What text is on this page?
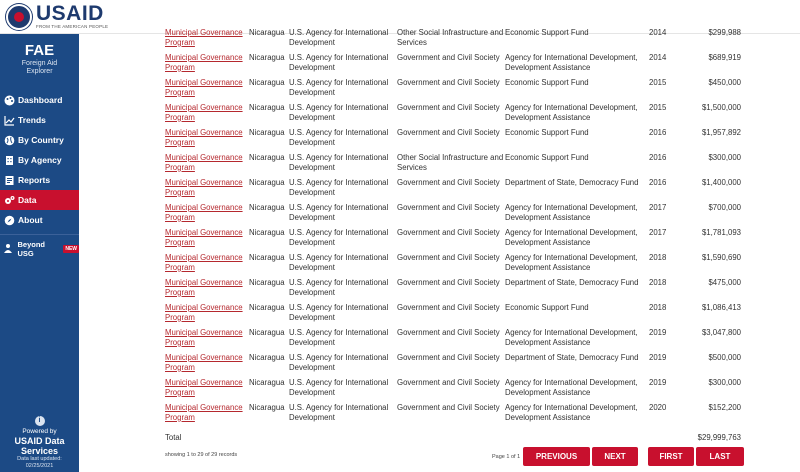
USAID
FROM THE AMERICAN PEOPLE
FAE
Foreign Aid
Explorer
Dashboard
Trends
By Country
By Agency
Reports
Data
About
Beyond USG	NEW
i
Powered by
USAID Data
Services
Data last updated:
02/25/2021
Municipal Governance Program	Nicaragua	U.S. Agency for International Development	Other Social Infrastructure and Services	Economic Support Fund	2014	$299,988
Municipal Governance Program	Nicaragua	U.S. Agency for International Development	Government and Civil Society	Agency for International Development, Development Assistance	2014	$689,919
Municipal Governance Program	Nicaragua	U.S. Agency for International Development	Government and Civil Society	Economic Support Fund	2015	$450,000
Municipal Governance Program	Nicaragua	U.S. Agency for International Development	Government and Civil Society	Agency for International Development, Development Assistance	2015	$1,500,000
Municipal Governance Program	Nicaragua	U.S. Agency for International Development	Government and Civil Society	Economic Support Fund	2016	$1,957,892
Municipal Governance Program	Nicaragua	U.S. Agency for International Development	Other Social Infrastructure and Services	Economic Support Fund	2016	$300,000
Municipal Governance Program	Nicaragua	U.S. Agency for International Development	Government and Civil Society	Department of State, Democracy Fund	2016	$1,400,000
Municipal Governance Program	Nicaragua	U.S. Agency for International Development	Government and Civil Society	Agency for International Development, Development Assistance	2017	$700,000
Municipal Governance Program	Nicaragua	U.S. Agency for International Development	Government and Civil Society	Agency for International Development, Development Assistance	2017	$1,781,093
Municipal Governance Program	Nicaragua	U.S. Agency for International Development	Government and Civil Society	Agency for International Development, Development Assistance	2018	$1,590,690
Municipal Governance Program	Nicaragua	U.S. Agency for International Development	Government and Civil Society	Department of State, Democracy Fund	2018	$475,000
Municipal Governance Program	Nicaragua	U.S. Agency for International Development	Government and Civil Society	Economic Support Fund	2018	$1,086,413
Municipal Governance Program	Nicaragua	U.S. Agency for International Development	Government and Civil Society	Agency for International Development, Development Assistance	2019	$3,047,800
Municipal Governance Program	Nicaragua	U.S. Agency for International Development	Government and Civil Society	Department of State, Democracy Fund	2019	$500,000
Municipal Governance Program	Nicaragua	U.S. Agency for International Development	Government and Civil Society	Agency for International Development, Development Assistance	2019	$300,000
Municipal Governance Program	Nicaragua	U.S. Agency for International Development	Government and Civil Society	Agency for International Development, Development Assistance	2020	$152,200
Total						$29,999,763
showing 1 to 29 of 29 records	Page 1 of 1	PREVIOUS	NEXT	FIRST	LAST
